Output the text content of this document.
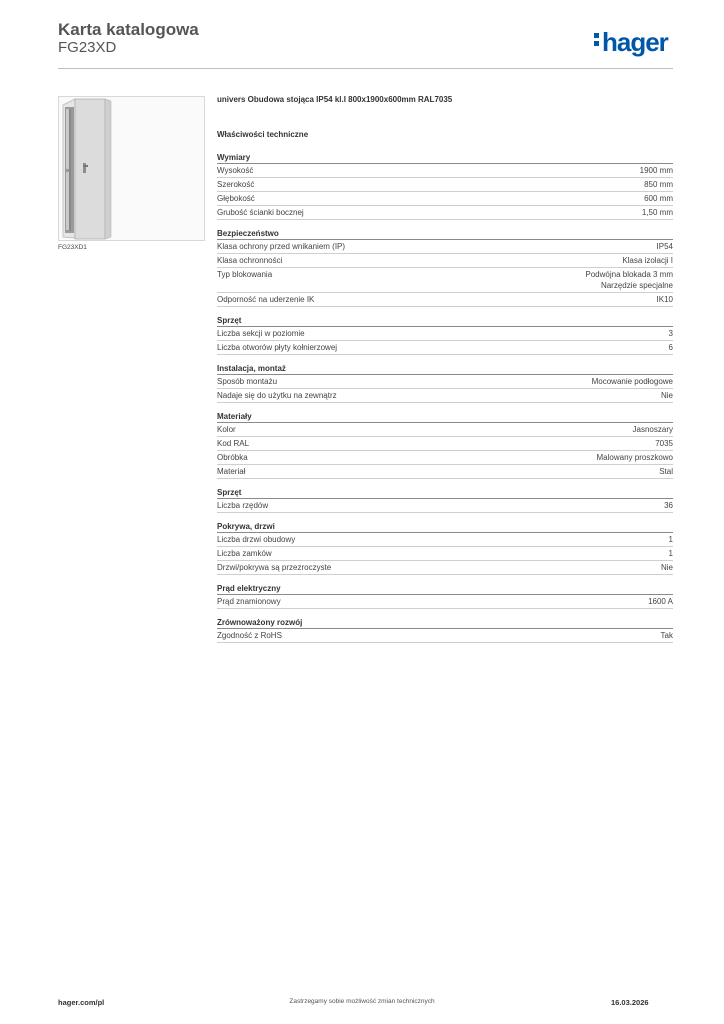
Karta katalogowa
FG23XD	hager
FG23XD1
univers Obudowa stojąca IP54 kl.I 800x1900x600mm RAL7035
Właściwości techniczne
Wymiary
Wysokość	1900 mm
Szerokość	850 mm
Głębokość	600 mm
Grubość ścianki bocznej	1,50 mm
Bezpieczeństwo
Klasa ochrony przed wnikaniem (IP)	IP54
Klasa ochronności	Klasa izolacji I
Typ blokowania	Podwójna blokada 3 mm
Narzędzie specjalne
Odporność na uderzenie IK	IK10
Sprzęt
Liczba sekcji w poziomie	3
Liczba otworów płyty kołnierzowej	6
Instalacja, montaż
Sposób montażu	Mocowanie podłogowe
Nadaje się do użytku na zewnątrz	Nie
Materiały
Kolor	Jasnoszary
Kod RAL	7035
Obróbka	Malowany proszkowo
Materiał	Stal
Sprzęt
Liczba rzędów	36
Pokrywa, drzwi
Liczba drzwi obudowy	1
Liczba zamków	1
Drzwi/pokrywa są przezroczyste	Nie
Prąd elektryczny
Prąd znamionowy	1600 A
Zrównoważony rozwój
Zgodność z RoHS	Tak
hager.com/pl	Zastrzegamy sobie możliwość zmian technicznych	16.03.2026
